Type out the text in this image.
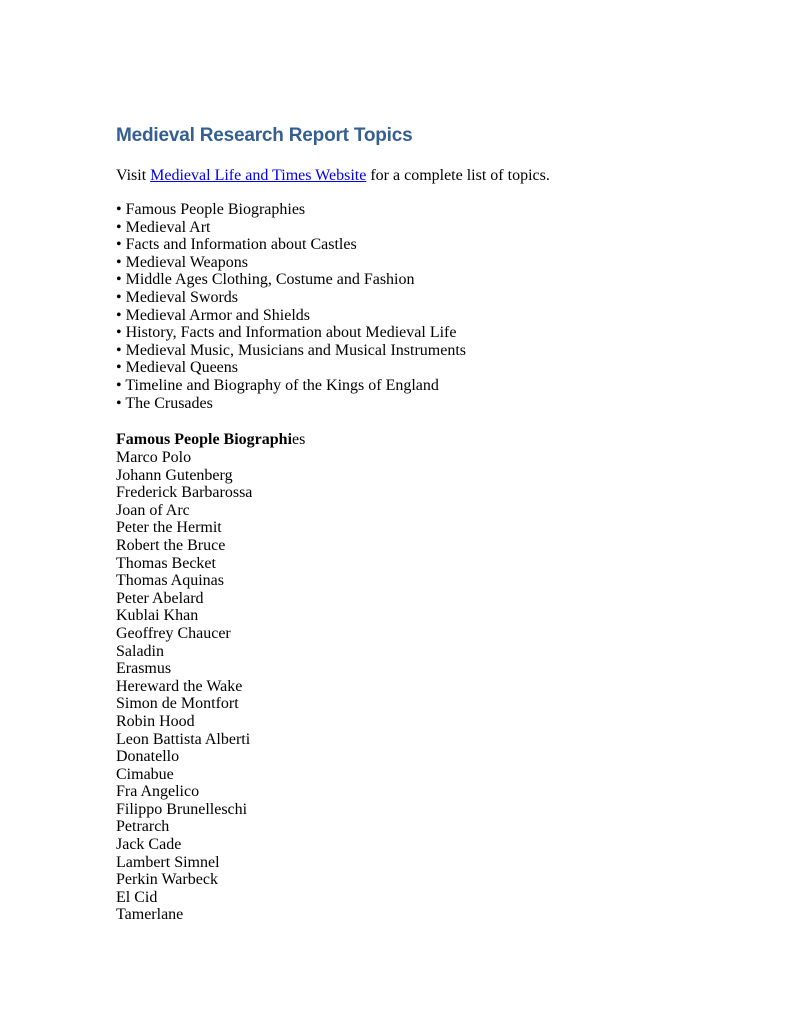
Medieval Research Report Topics

Visit Medieval Life and Times Website for a complete list of topics.

• Famous People Biographies
• Medieval Art
• Facts and Information about Castles
• Medieval Weapons
• Middle Ages Clothing, Costume and Fashion
• Medieval Swords
• Medieval Armor and Shields
• History, Facts and Information about Medieval Life
• Medieval Music, Musicians and Musical Instruments
• Medieval Queens
• Timeline and Biography of the Kings of England
• The Crusades

Famous People Biographies

Marco Polo
Johann Gutenberg
Frederick Barbarossa
Joan of Arc
Peter the Hermit
Robert the Bruce
Thomas Becket
Thomas Aquinas
Peter Abelard
Kublai Khan
Geoffrey Chaucer
Saladin
Erasmus
Hereward the Wake
Simon de Montfort
Robin Hood
Leon Battista Alberti
Donatello
Cimabue
Fra Angelico
Filippo Brunelleschi
Petrarch
Jack Cade
Lambert Simnel
Perkin Warbeck
El Cid
Tamerlane
